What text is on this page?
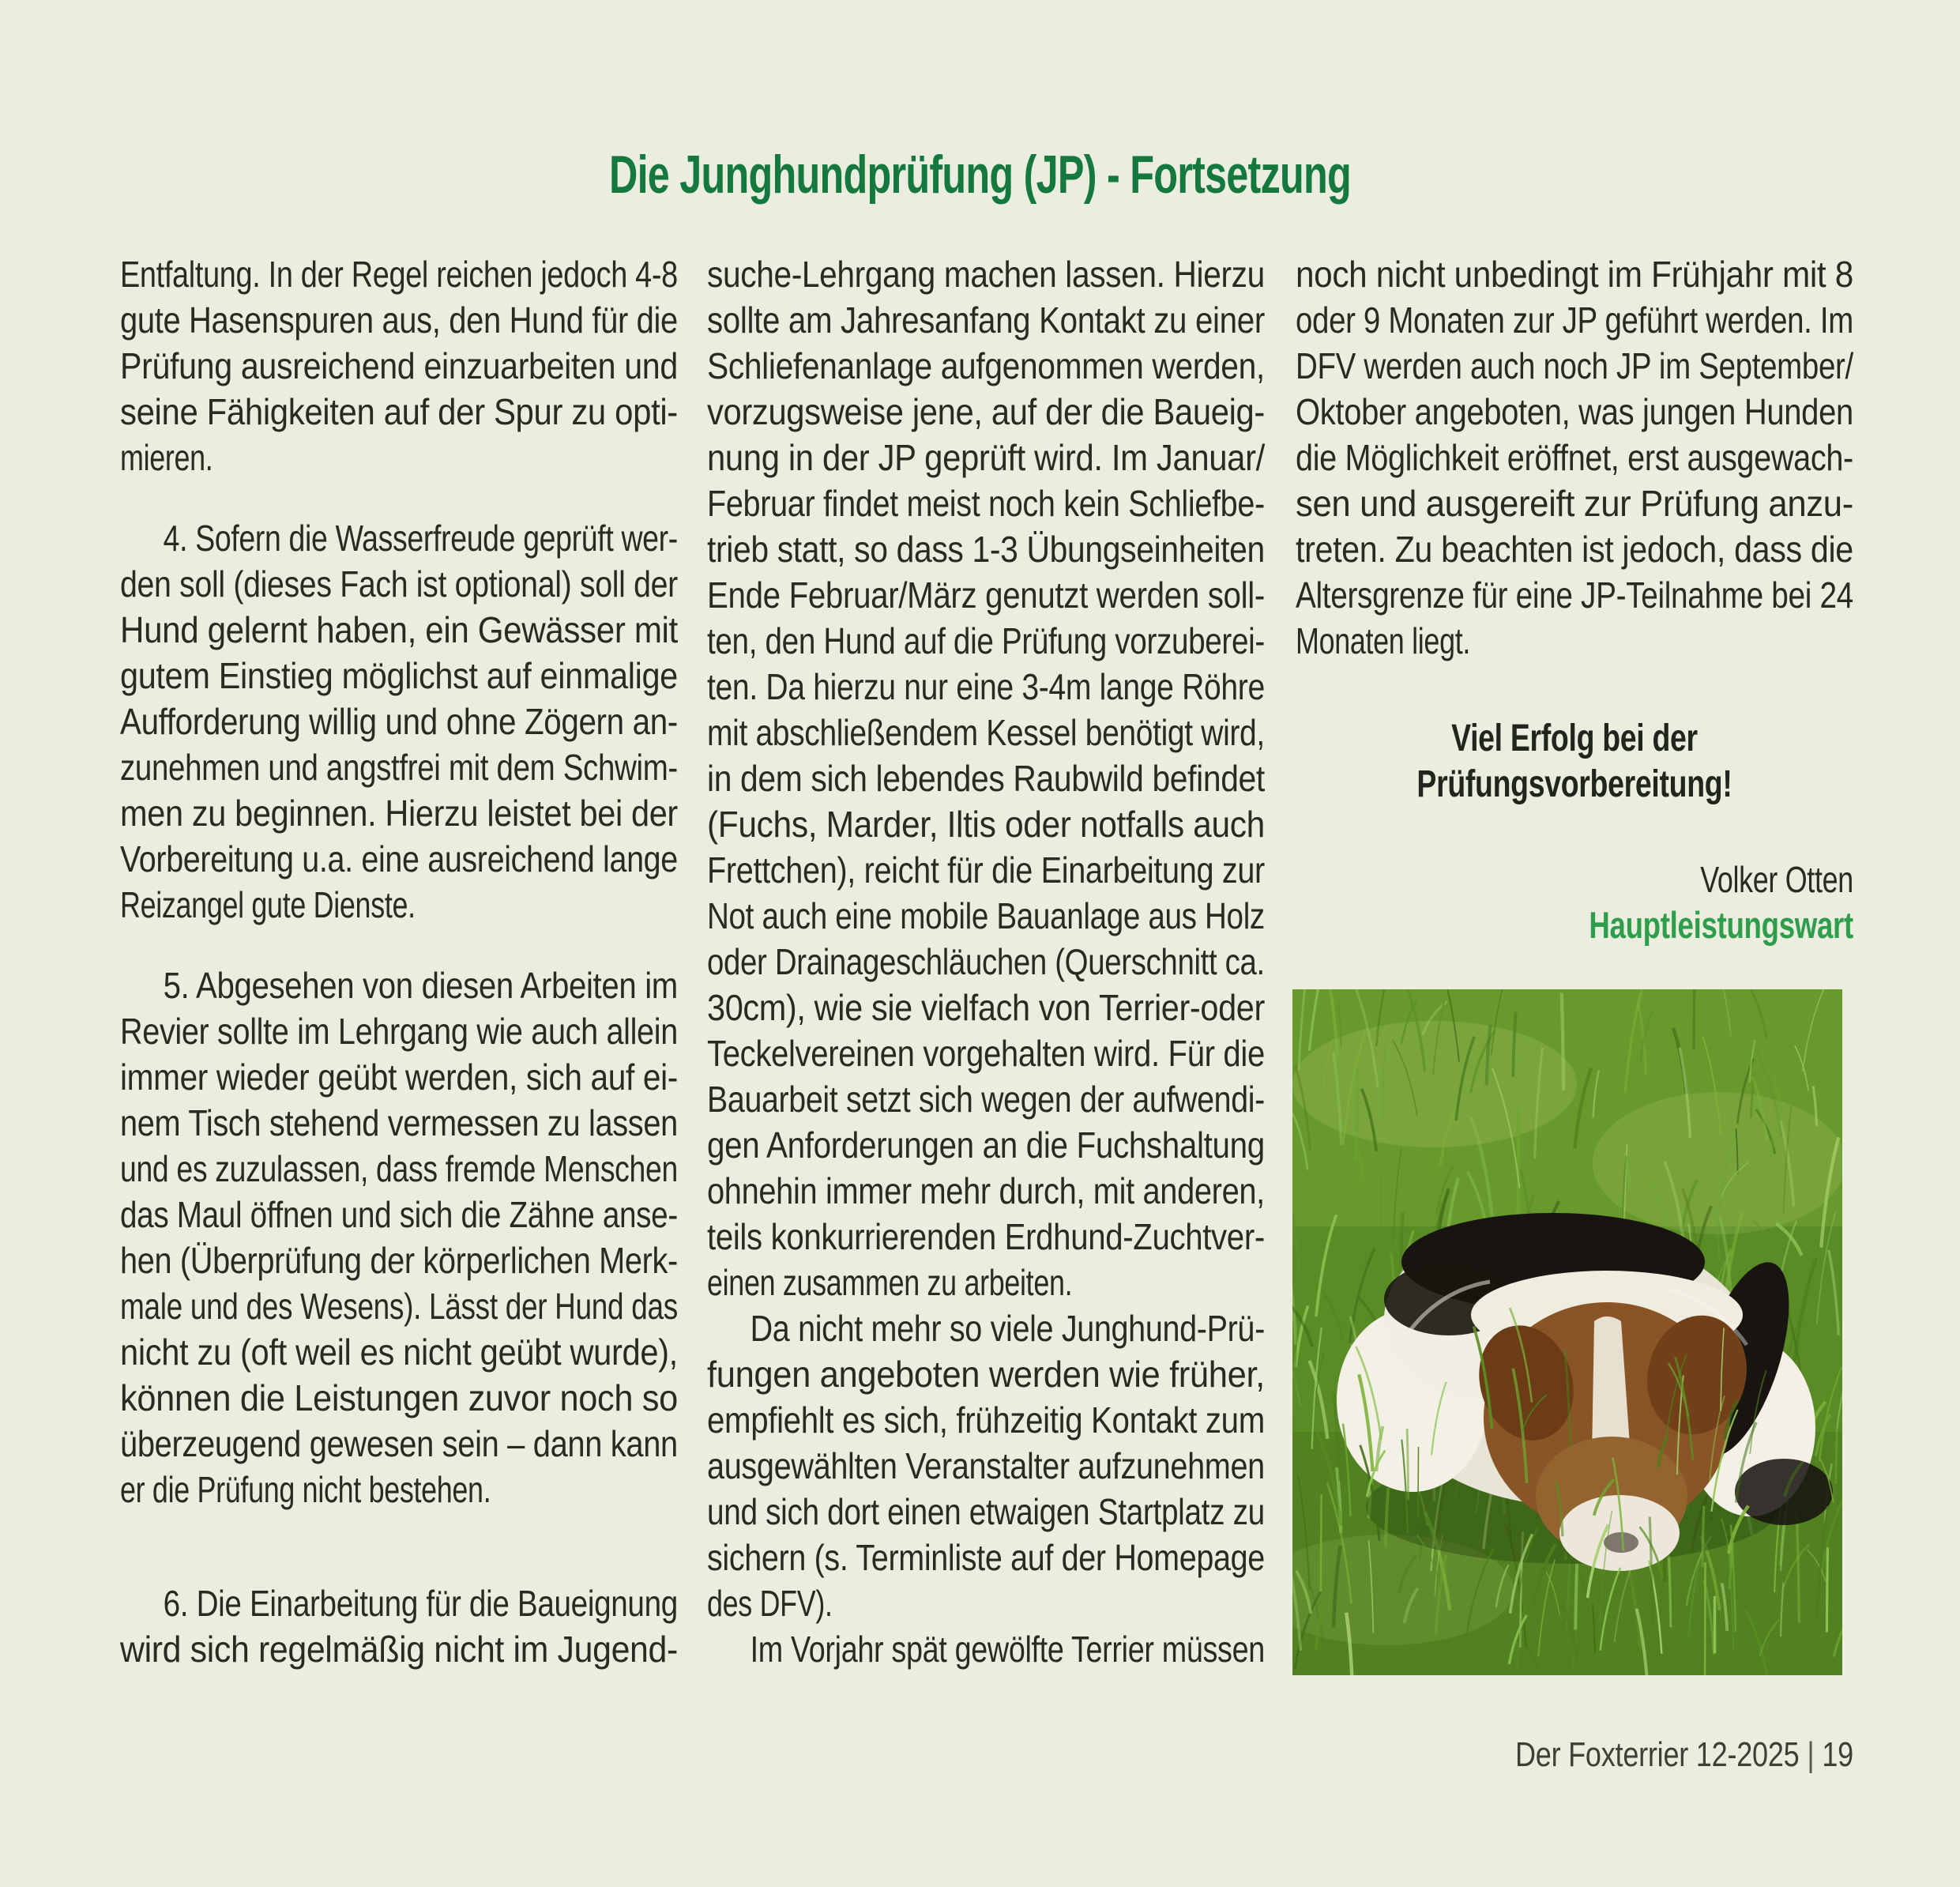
Die Junghundprüfung (JP) - Fortsetzung
Entfaltung. In der Regel reichen jedoch 4-8
gute Hasenspuren aus, den Hund für die
Prüfung ausreichend einzuarbeiten und
seine Fähigkeiten auf der Spur zu opti-
mieren.
4. Sofern die Wasserfreude geprüft wer-
den soll (dieses Fach ist optional) soll der
Hund gelernt haben, ein Gewässer mit
gutem Einstieg möglichst auf einmalige
Aufforderung willig und ohne Zögern an-
zunehmen und angstfrei mit dem Schwim-
men zu beginnen. Hierzu leistet bei der
Vorbereitung u.a. eine ausreichend lange
Reizangel gute Dienste.
5. Abgesehen von diesen Arbeiten im
Revier sollte im Lehrgang wie auch allein
immer wieder geübt werden, sich auf ei-
nem Tisch stehend vermessen zu lassen
und es zuzulassen, dass fremde Menschen
das Maul öffnen und sich die Zähne anse-
hen (Überprüfung der körperlichen Merk-
male und des Wesens). Lässt der Hund das
nicht zu (oft weil es nicht geübt wurde),
können die Leistungen zuvor noch so
überzeugend gewesen sein – dann kann
er die Prüfung nicht bestehen.
6. Die Einarbeitung für die Baueignung
wird sich regelmäßig nicht im Jugend-
suche-Lehrgang machen lassen. Hierzu
sollte am Jahresanfang Kontakt zu einer
Schliefenanlage aufgenommen werden,
vorzugsweise jene, auf der die Baueig-
nung in der JP geprüft wird. Im Januar/
Februar findet meist noch kein Schliefbe-
trieb statt, so dass 1-3 Übungseinheiten
Ende Februar/März genutzt werden soll-
ten, den Hund auf die Prüfung vorzuberei-
ten. Da hierzu nur eine 3-4m lange Röhre
mit abschließendem Kessel benötigt wird,
in dem sich lebendes Raubwild befindet
(Fuchs, Marder, Iltis oder notfalls auch
Frettchen), reicht für die Einarbeitung zur
Not auch eine mobile Bauanlage aus Holz
oder Drainageschläuchen (Querschnitt ca.
30cm), wie sie vielfach von Terrier-oder
Teckelvereinen vorgehalten wird. Für die
Bauarbeit setzt sich wegen der aufwendi-
gen Anforderungen an die Fuchshaltung
ohnehin immer mehr durch, mit anderen,
teils konkurrierenden Erdhund-Zuchtver-
einen zusammen zu arbeiten.
Da nicht mehr so viele Junghund-Prü-
fungen angeboten werden wie früher,
empfiehlt es sich, frühzeitig Kontakt zum
ausgewählten Veranstalter aufzunehmen
und sich dort einen etwaigen Startplatz zu
sichern (s. Terminliste auf der Homepage
des DFV).
Im Vorjahr spät gewölfte Terrier müssen
noch nicht unbedingt im Frühjahr mit 8
oder 9 Monaten zur JP geführt werden. Im
DFV werden auch noch JP im September/
Oktober angeboten, was jungen Hunden
die Möglichkeit eröffnet, erst ausgewach-
sen und ausgereift zur Prüfung anzu-
treten. Zu beachten ist jedoch, dass die
Altersgrenze für eine JP-Teilnahme bei 24
Monaten liegt.
Viel Erfolg bei der
Prüfungsvorbereitung!
Volker Otten
Hauptleistungswart
Der Foxterrier 12-2025 | 19
